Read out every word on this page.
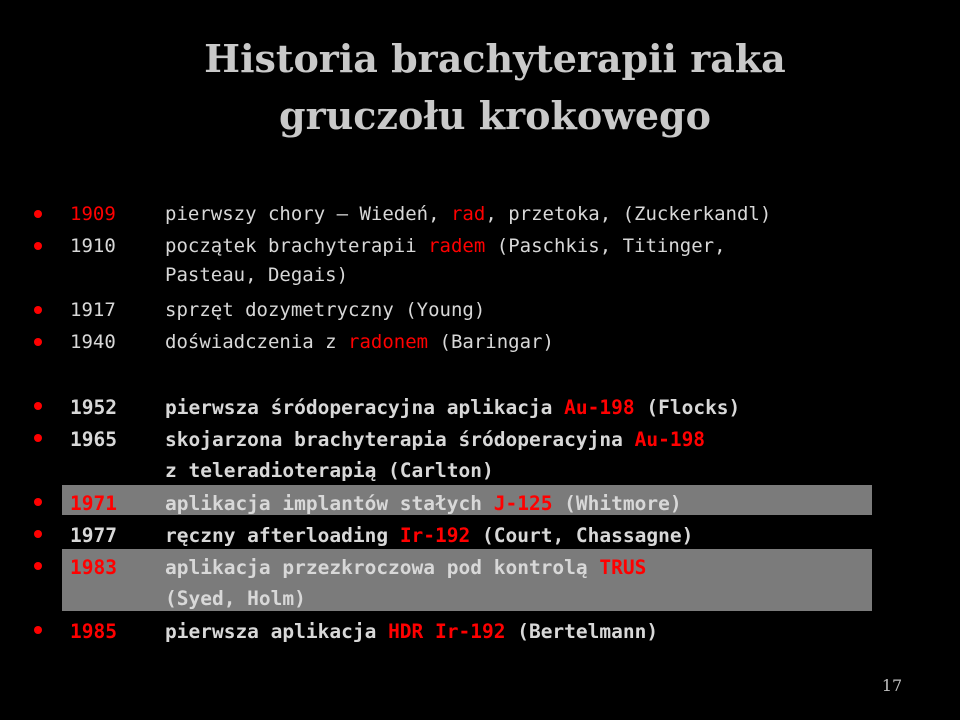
Historia brachyterapii raka
gruczołu krokowego
1909	pierwszy chory – Wiedeń, rad, przetoka, (Zuckerkandl)
1910	początek brachyterapii radem (Paschkis, Titinger,
Pasteau, Degais)
1917	sprzęt dozymetryczny (Young)
1940	doświadczenia z radonem (Baringar)
1952 pierwsza śródoperacyjna aplikacja Au-198 (Flocks)
1965 skojarzona brachyterapia śródoperacyjna Au-198
z teleradioterapią (Carlton)
1971 aplikacja implantów stałych J-125 (Whitmore)
1977 ręczny afterloading Ir-192 (Court, Chassagne)
1983 aplikacja przezkroczowa pod kontrolą TRUS
(Syed, Holm)
1985 pierwsza aplikacja HDR Ir-192 (Bertelmann)
17
